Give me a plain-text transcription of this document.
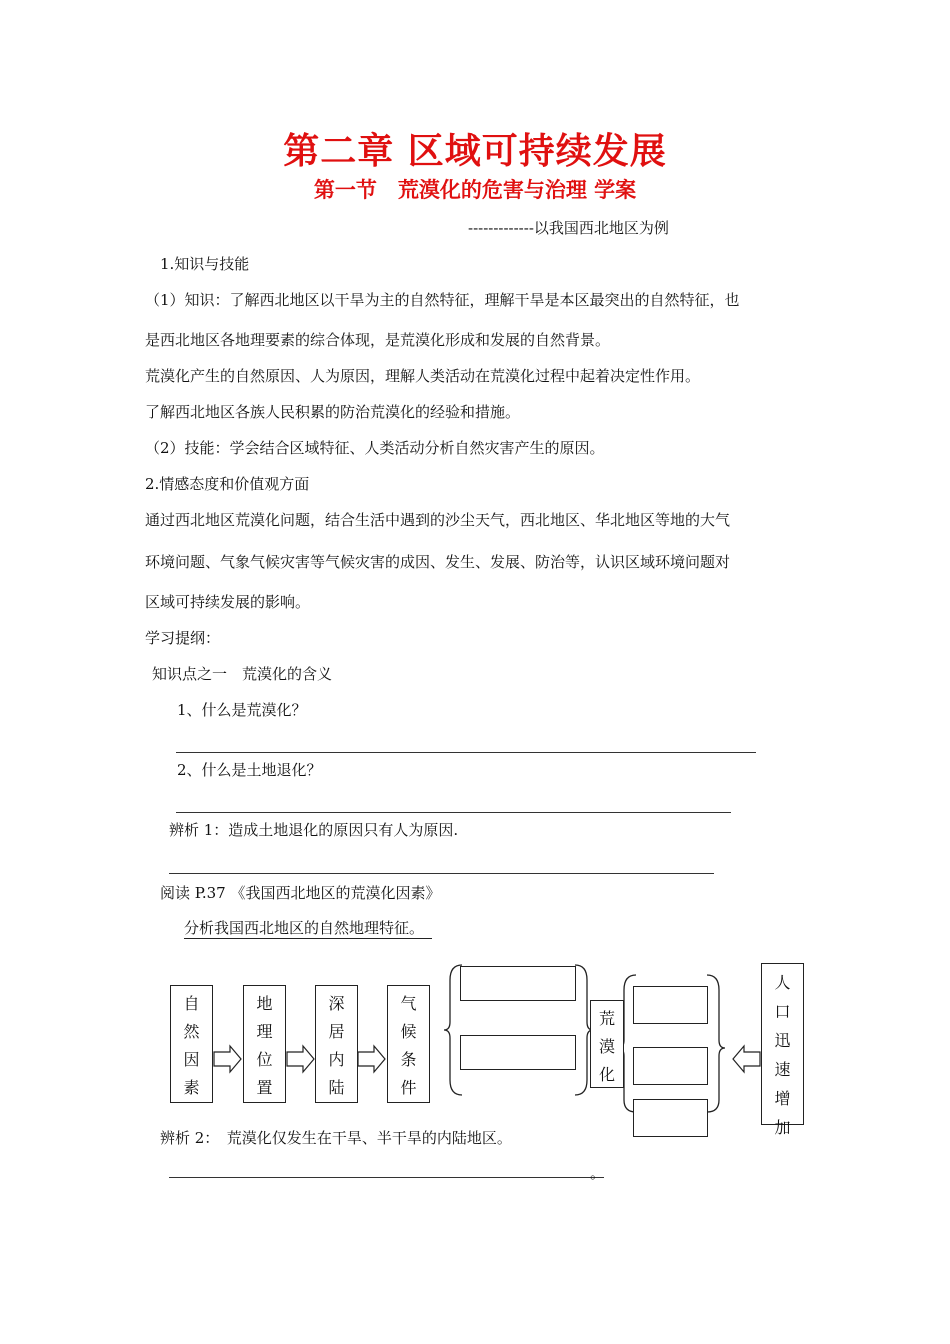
第二章 区域可持续发展
第一节　荒漠化的危害与治理 学案
-------------以我国西北地区为例
1.知识与技能
（1）知识：了解西北地区以干旱为主的自然特征，理解干旱是本区最突出的自然特征，也
是西北地区各地理要素的综合体现，是荒漠化形成和发展的自然背景。
荒漠化产生的自然原因、人为原因，理解人类活动在荒漠化过程中起着决定性作用。
了解西北地区各族人民积累的防治荒漠化的经验和措施。
（2）技能：学会结合区域特征、人类活动分析自然灾害产生的原因。
2.情感态度和价值观方面
通过西北地区荒漠化问题，结合生活中遇到的沙尘天气，西北地区、华北地区等地的大气
环境问题、气象气候灾害等气候灾害的成因、发生、发展、防治等，认识区域环境问题对
区域可持续发展的影响。
学习提纲：
知识点之一　荒漠化的含义
1、什么是荒漠化？
2、什么是土地退化？
辨析 1：造成土地退化的原因只有人为原因.
阅读 P.37 《我国西北地区的荒漠化因素》
分析我国西北地区的自然地理特征。
自
然
因
素
地
理
位
置
深
居
内
陆
气
候
条
件
荒
漠
化
人
口
迅
速
增
加
辨析 2：　荒漠化仅发生在干旱、半干旱的内陆地区。
。
